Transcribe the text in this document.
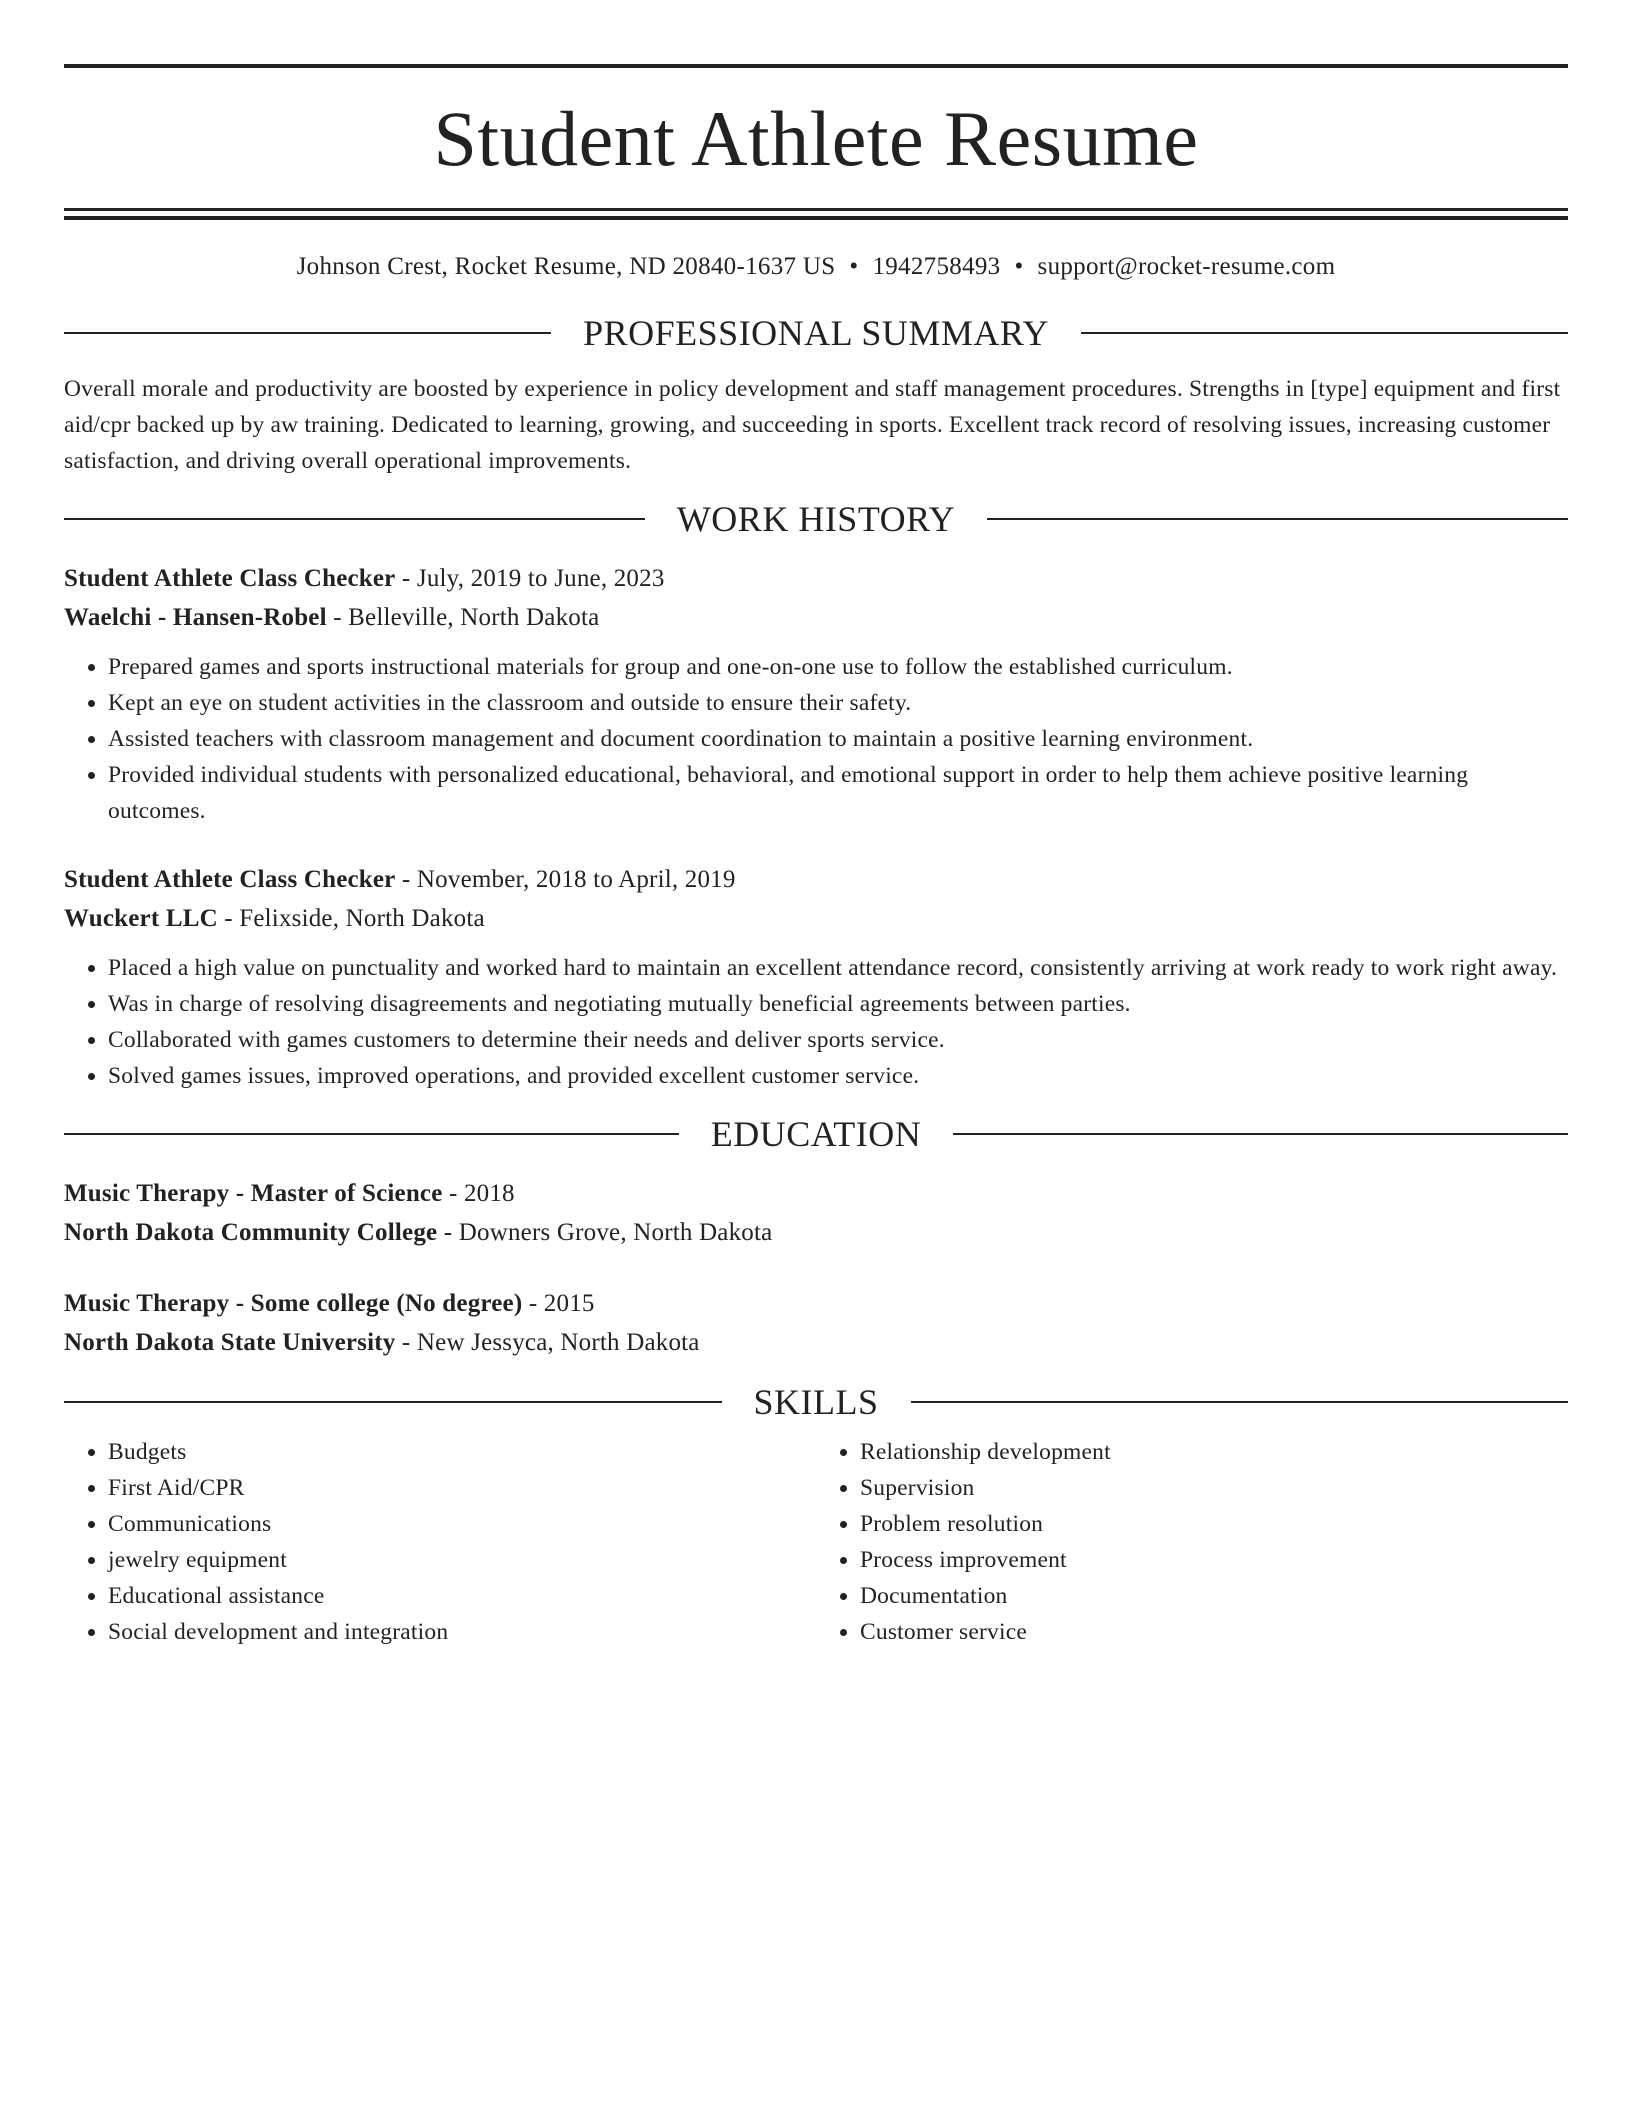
Student Athlete Resume
Johnson Crest, Rocket Resume, ND 20840-1637 US • 1942758493 • support@rocket-resume.com
PROFESSIONAL SUMMARY
Overall morale and productivity are boosted by experience in policy development and staff management procedures. Strengths in [type] equipment and first aid/cpr backed up by aw training. Dedicated to learning, growing, and succeeding in sports. Excellent track record of resolving issues, increasing customer satisfaction, and driving overall operational improvements.
WORK HISTORY
Student Athlete Class Checker - July, 2019 to June, 2023
Waelchi - Hansen-Robel - Belleville, North Dakota
• Prepared games and sports instructional materials for group and one-on-one use to follow the established curriculum.
• Kept an eye on student activities in the classroom and outside to ensure their safety.
• Assisted teachers with classroom management and document coordination to maintain a positive learning environment.
• Provided individual students with personalized educational, behavioral, and emotional support in order to help them achieve positive learning outcomes.
Student Athlete Class Checker - November, 2018 to April, 2019
Wuckert LLC - Felixside, North Dakota
• Placed a high value on punctuality and worked hard to maintain an excellent attendance record, consistently arriving at work ready to work right away.
• Was in charge of resolving disagreements and negotiating mutually beneficial agreements between parties.
• Collaborated with games customers to determine their needs and deliver sports service.
• Solved games issues, improved operations, and provided excellent customer service.
EDUCATION
Music Therapy - Master of Science - 2018
North Dakota Community College - Downers Grove, North Dakota
Music Therapy - Some college (No degree) - 2015
North Dakota State University - New Jessyca, North Dakota
SKILLS
• Budgets
• First Aid/CPR
• Communications
• jewelry equipment
• Educational assistance
• Social development and integration
• Relationship development
• Supervision
• Problem resolution
• Process improvement
• Documentation
• Customer service
